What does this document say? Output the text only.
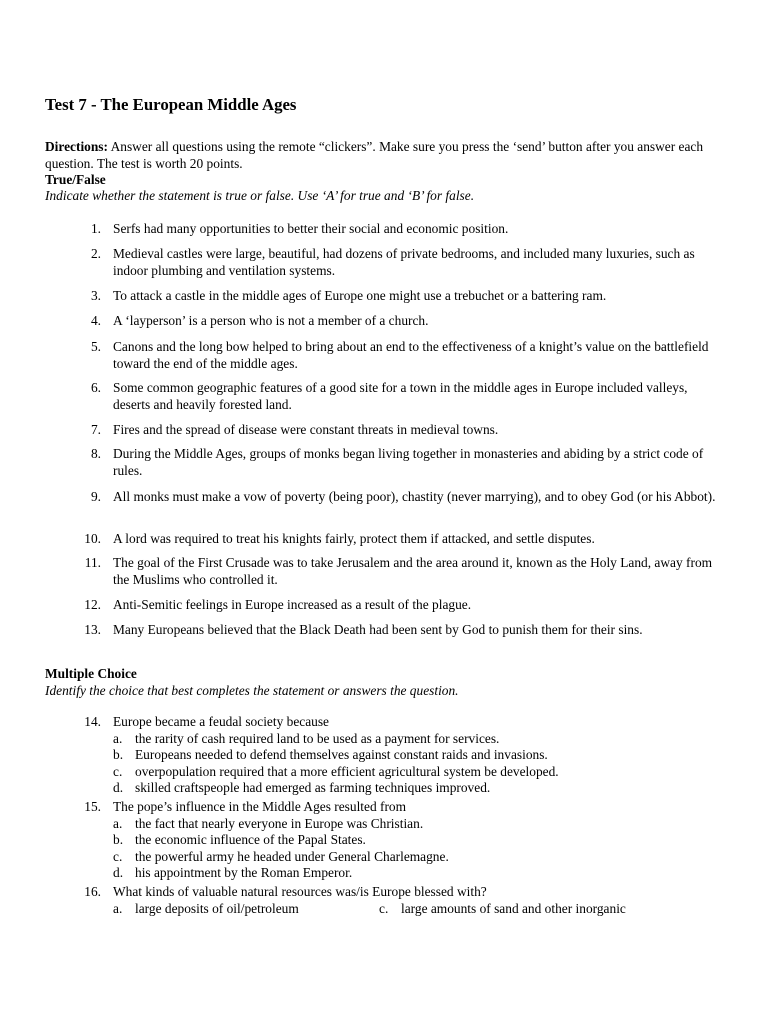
Test 7 - The European Middle Ages
Directions: Answer all questions using the remote “clickers”. Make sure you press the ‘send’ button after you answer each question. The test is worth 20 points.
True/False
Indicate whether the statement is true or false. Use ‘A’ for true and ‘B’ for false.
1. Serfs had many opportunities to better their social and economic position.
2. Medieval castles were large, beautiful, had dozens of private bedrooms, and included many luxuries, such as indoor plumbing and ventilation systems.
3. To attack a castle in the middle ages of Europe one might use a trebuchet or a battering ram.
4. A ‘layperson’ is a person who is not a member of a church.
5. Canons and the long bow helped to bring about an end to the effectiveness of a knight’s value on the battlefield toward the end of the middle ages.
6. Some common geographic features of a good site for a town in the middle ages in Europe included valleys, deserts and heavily forested land.
7. Fires and the spread of disease were constant threats in medieval towns.
8. During the Middle Ages, groups of monks began living together in monasteries and abiding by a strict code of rules.
9. All monks must make a vow of poverty (being poor), chastity (never marrying), and to obey God (or his Abbot).
10. A lord was required to treat his knights fairly, protect them if attacked, and settle disputes.
11. The goal of the First Crusade was to take Jerusalem and the area around it, known as the Holy Land, away from the Muslims who controlled it.
12. Anti-Semitic feelings in Europe increased as a result of the plague.
13. Many Europeans believed that the Black Death had been sent by God to punish them for their sins.
Multiple Choice
Identify the choice that best completes the statement or answers the question.
14. Europe became a feudal society because
a. the rarity of cash required land to be used as a payment for services.
b. Europeans needed to defend themselves against constant raids and invasions.
c. overpopulation required that a more efficient agricultural system be developed.
d. skilled craftspeople had emerged as farming techniques improved.
15. The pope’s influence in the Middle Ages resulted from
a. the fact that nearly everyone in Europe was Christian.
b. the economic influence of the Papal States.
c. the powerful army he headed under General Charlemagne.
d. his appointment by the Roman Emperor.
16. What kinds of valuable natural resources was/is Europe blessed with?
a. large deposits of oil/petroleum	c. large amounts of sand and other inorganic
